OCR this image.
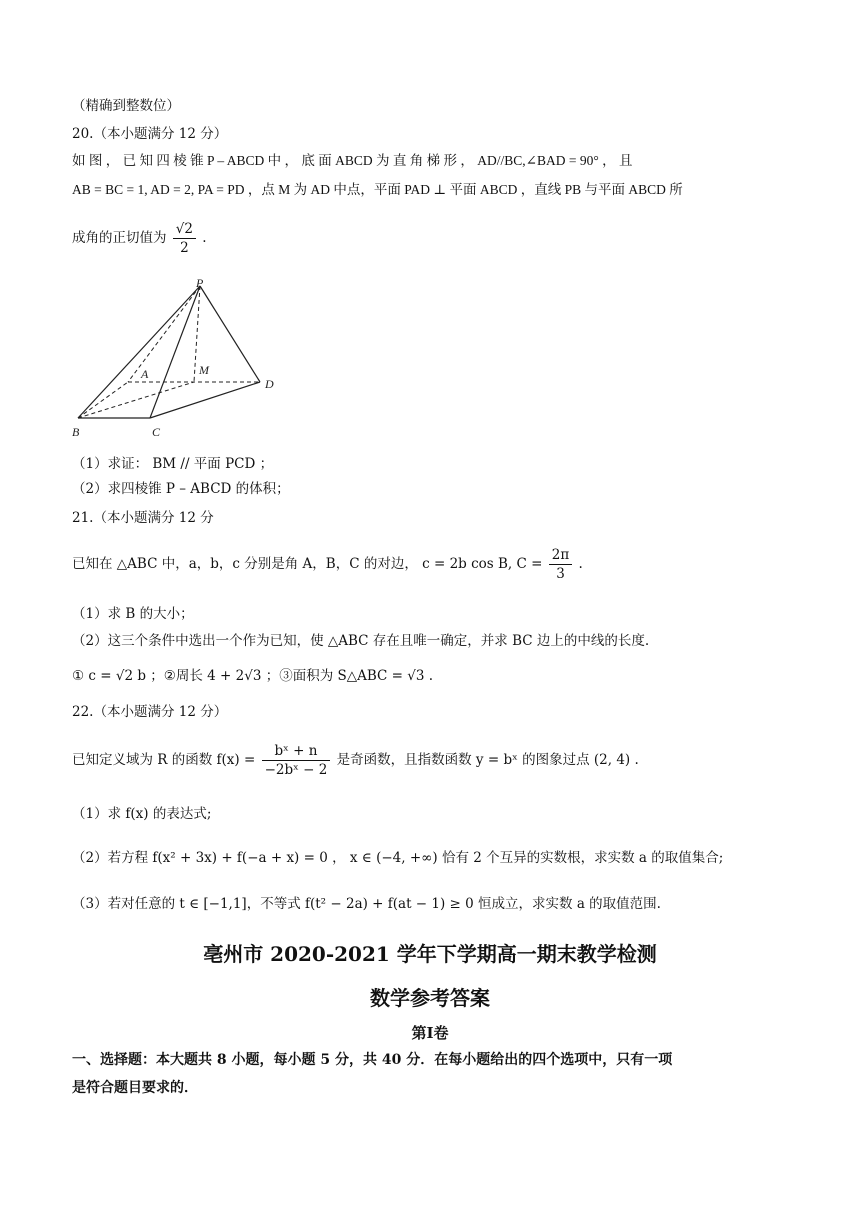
（精确到整数位）
20.（本小题满分 12 分）
如 图 ， 已 知 四 棱 锥 P – ABCD 中 ， 底 面 ABCD 为 直 角 梯 形 ， AD//BC,∠BAD = 90° ， 且
AB = BC = 1, AD = 2, PA = PD ，点 M 为 AD 中点，平面 PAD ⊥ 平面 ABCD ，直线 PB 与平面 ABCD 所
成角的正切值为 $\frac{√2}{2}$ .
P
A	M
D
B	C
（1）求证： BM // 平面 PCD ；
（2）求四棱锥 P – ABCD 的体积；
21.（本小题满分 12 分
已知在 △ABC 中，a，b，c 分别是角 A，B，C 的对边， c = 2b cos B, $C = \frac{2\pi}{3}$ .
（1）求 B 的大小；
（2）这三个条件中选出一个作为已知，使 △ABC 存在且唯一确定，并求 BC 边上的中线的长度.
① c = √2 b ；②周长 4 + 2√3 ；③面积为 S△ABC = √3 .
22.（本小题满分 12 分）
已知定义域为 R 的函数 $f(x) = \frac{\text{bˣ + n}}{\text{−2bˣ − 2}}$ 是奇函数，且指数函数 y = bˣ 的图象过点 (2, 4) .
（1）求 f(x) 的表达式;
（2）若方程 f(x² + 3x) + f(−a + x) = 0 ， x ∈ (−4, +∞) 恰有 2 个互异的实数根，求实数 a 的取值集合;
（3）若对任意的 t ∈ [−1,1]，不等式 f(t² − 2a) + f(at − 1) ≥ 0 恒成立，求实数 a 的取值范围.
亳州市 2020-2021 学年下学期高一期末教学检测
数学参考答案
第Ⅰ卷
一、选择题：本大题共 8 小题，每小题 5 分，共 40 分．在每小题给出的四个选项中，只有一项
是符合题目要求的．
